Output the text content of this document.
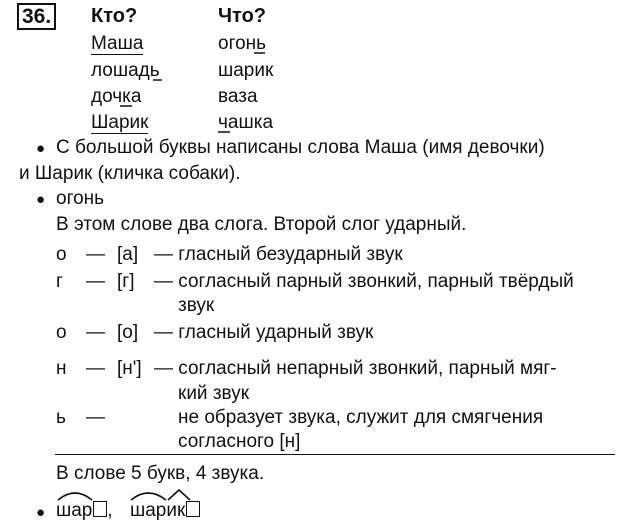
36. Кто?	Что?
Маша
лошадь
дочка
Шарик
огонь
шарик
ваза
чашка
● С большой буквы написаны слова Маша (имя девочки)
и Шарик (кличка собаки).
● огонь
В этом слове два слога. Второй слог ударный.
о — [а] — гласный безударный звук
г — [г] — согласный парный звонкий, парный твёрдый
звук
о — [о] — гласный ударный звук
н — [н'] — согласный непарный звонкий, парный мяг-
кий звук
ь —	не образует звука, служит для смягчения
согласного [н]
В слове 5 букв, 4 звука.
● шар , шарик
